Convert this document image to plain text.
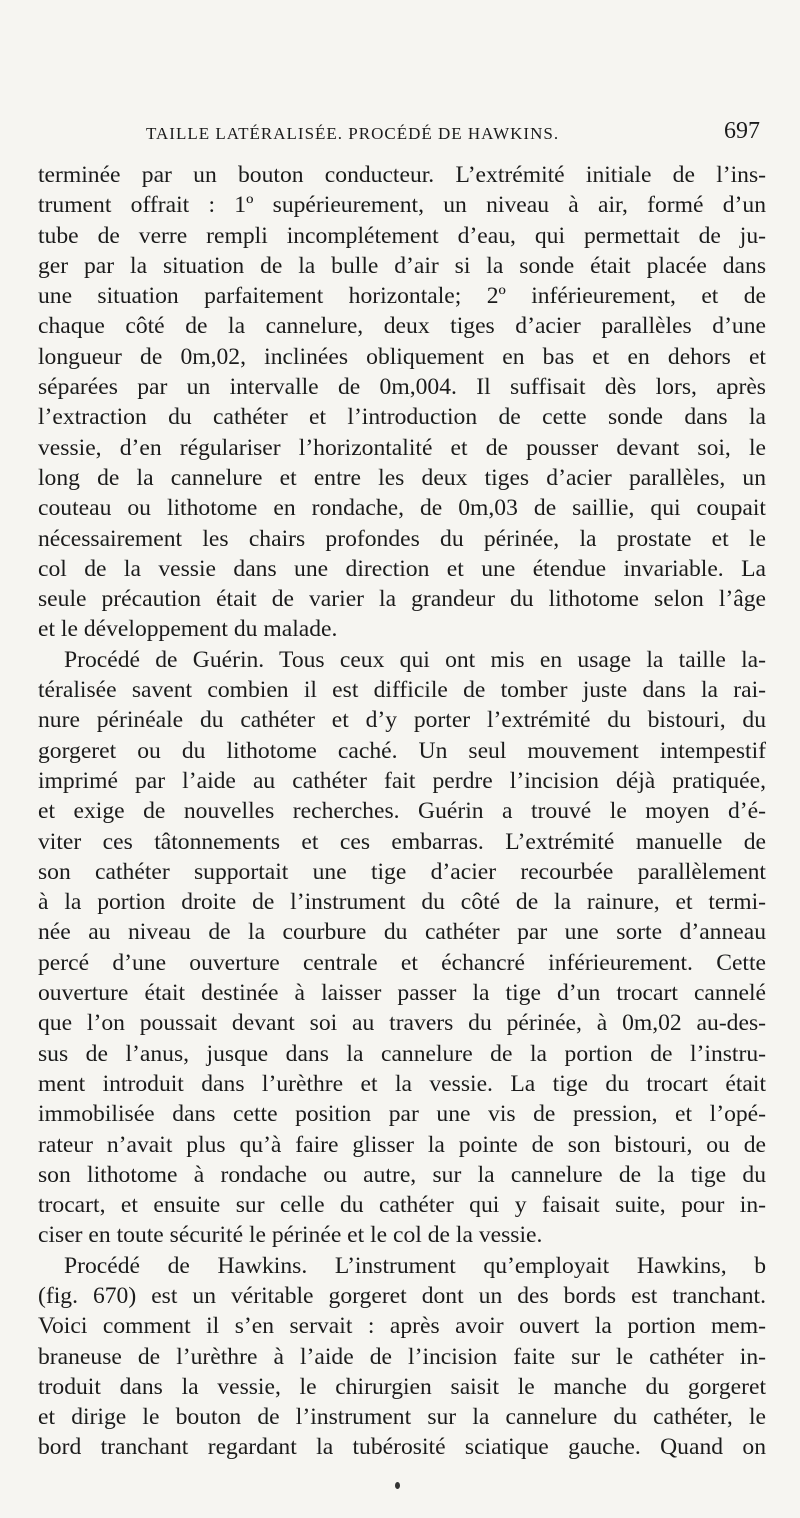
TAILLE LATÉRALISÉE. PROCÉDÉ DE HAWKINS.	697
terminée par un bouton conducteur. L’extrémité initiale de l’ins-
trument offrait : 1º supérieurement, un niveau à air, formé d’un
tube de verre rempli incomplétement d’eau, qui permettait de ju-
ger par la situation de la bulle d’air si la sonde était placée dans
une situation parfaitement horizontale; 2º inférieurement, et de
chaque côté de la cannelure, deux tiges d’acier parallèles d’une
longueur de 0m,02, inclinées obliquement en bas et en dehors et
séparées par un intervalle de 0m,004. Il suffisait dès lors, après
l’extraction du cathéter et l’introduction de cette sonde dans la
vessie, d’en régulariser l’horizontalité et de pousser devant soi, le
long de la cannelure et entre les deux tiges d’acier parallèles, un
couteau ou lithotome en rondache, de 0m,03 de saillie, qui coupait
nécessairement les chairs profondes du périnée, la prostate et le
col de la vessie dans une direction et une étendue invariable. La
seule précaution était de varier la grandeur du lithotome selon l’âge
et le développement du malade.
Procédé de Guérin. Tous ceux qui ont mis en usage la taille la-
téralisée savent combien il est difficile de tomber juste dans la rai-
nure périnéale du cathéter et d’y porter l’extrémité du bistouri, du
gorgeret ou du lithotome caché. Un seul mouvement intempestif
imprimé par l’aide au cathéter fait perdre l’incision déjà pratiquée,
et exige de nouvelles recherches. Guérin a trouvé le moyen d’é-
viter ces tâtonnements et ces embarras. L’extrémité manuelle de
son cathéter supportait une tige d’acier recourbée parallèlement
à la portion droite de l’instrument du côté de la rainure, et termi-
née au niveau de la courbure du cathéter par une sorte d’anneau
percé d’une ouverture centrale et échancré inférieurement. Cette
ouverture était destinée à laisser passer la tige d’un trocart cannelé
que l’on poussait devant soi au travers du périnée, à 0m,02 au-des-
sus de l’anus, jusque dans la cannelure de la portion de l’instru-
ment introduit dans l’urèthre et la vessie. La tige du trocart était
immobilisée dans cette position par une vis de pression, et l’opé-
rateur n’avait plus qu’à faire glisser la pointe de son bistouri, ou de
son lithotome à rondache ou autre, sur la cannelure de la tige du
trocart, et ensuite sur celle du cathéter qui y faisait suite, pour in-
ciser en toute sécurité le périnée et le col de la vessie.
Procédé de Hawkins. L’instrument qu’employait Hawkins, b
(fig. 670) est un véritable gorgeret dont un des bords est tranchant.
Voici comment il s’en servait : après avoir ouvert la portion mem-
braneuse de l’urèthre à l’aide de l’incision faite sur le cathéter in-
troduit dans la vessie, le chirurgien saisit le manche du gorgeret
et dirige le bouton de l’instrument sur la cannelure du cathéter, le
bord tranchant regardant la tubérosité sciatique gauche. Quand on
